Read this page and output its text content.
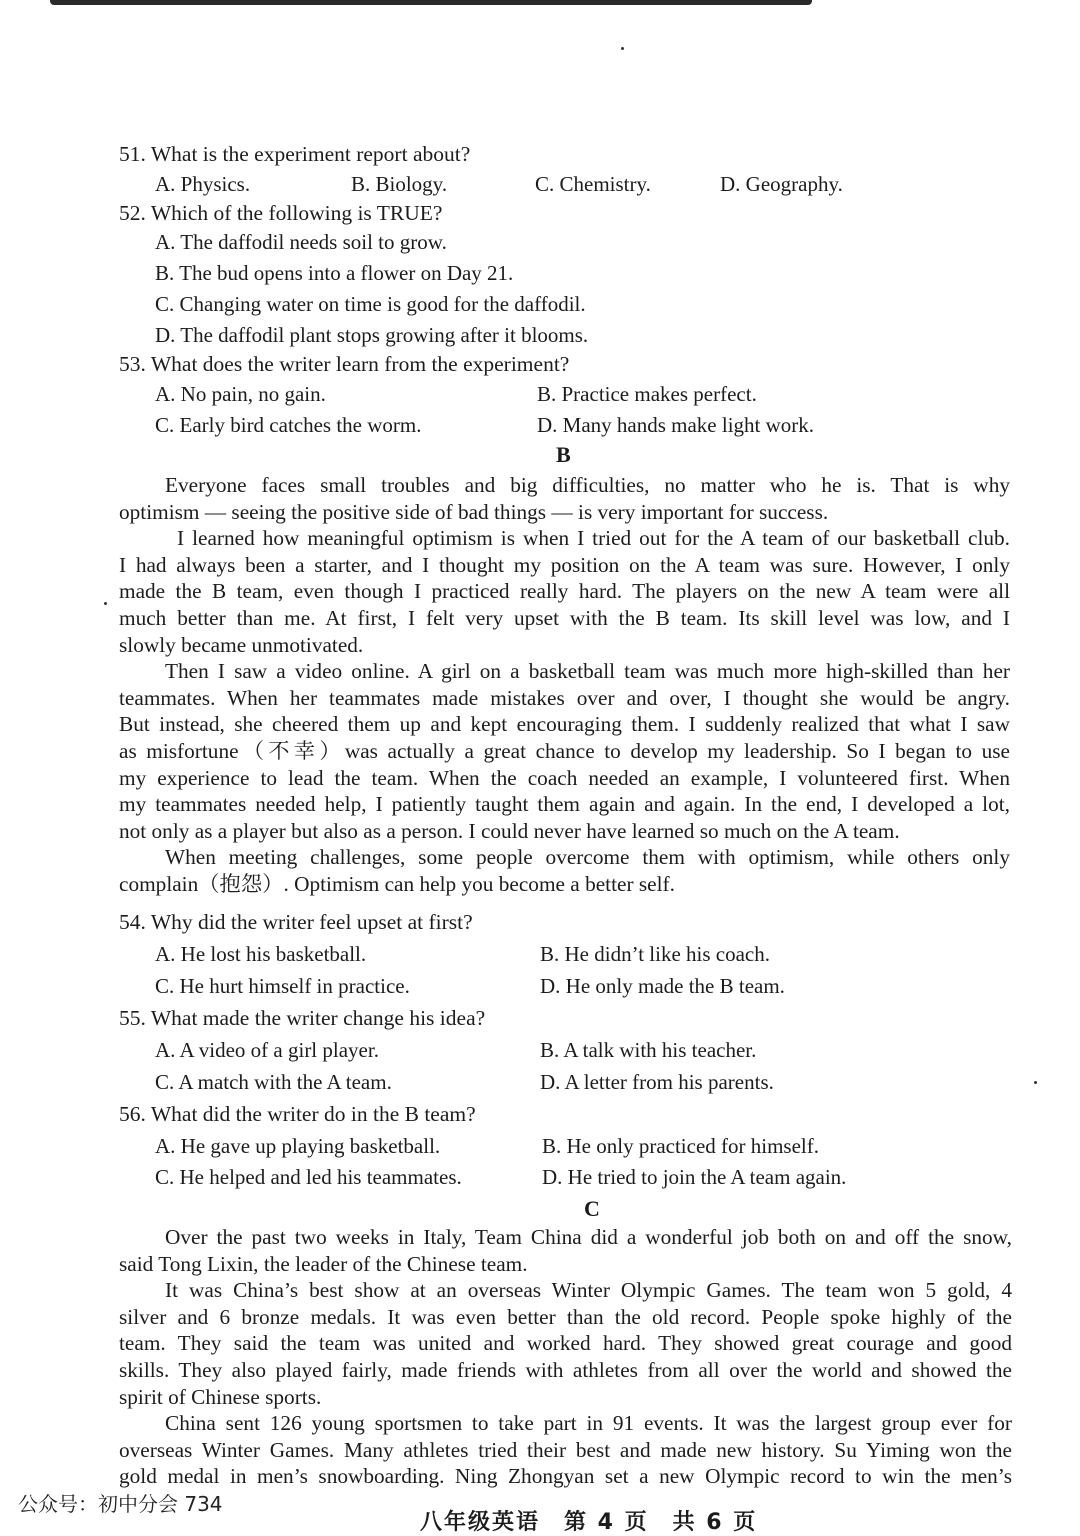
51. What is the experiment report about?
A. Physics.	B. Biology.	C. Chemistry.	D. Geography.
52. Which of the following is TRUE?
A. The daffodil needs soil to grow.
B. The bud opens into a flower on Day 21.
C. Changing water on time is good for the daffodil.
D. The daffodil plant stops growing after it blooms.
53. What does the writer learn from the experiment?
A. No pain, no gain.	B. Practice makes perfect.
C. Early bird catches the worm.	D. Many hands make light work.
B
Everyone faces small troubles and big difficulties, no matter who he is. That is why
optimism — seeing the positive side of bad things — is very important for success.
I learned how meaningful optimism is when I tried out for the A team of our basketball club.
I had always been a starter, and I thought my position on the A team was sure. However, I only
made the B team, even though I practiced really hard. The players on the new A team were all
much better than me. At first, I felt very upset with the B team. Its skill level was low, and I
slowly became unmotivated.
Then I saw a video online. A girl on a basketball team was much more high-skilled than her
teammates. When her teammates made mistakes over and over, I thought she would be angry.
But instead, she cheered them up and kept encouraging them. I suddenly realized that what I saw
as misfortune（不幸）was actually a great chance to develop my leadership. So I began to use
my experience to lead the team. When the coach needed an example, I volunteered first. When
my teammates needed help, I patiently taught them again and again. In the end, I developed a lot,
not only as a player but also as a person. I could never have learned so much on the A team.
When meeting challenges, some people overcome them with optimism, while others only
complain（抱怨）. Optimism can help you become a better self.
54. Why did the writer feel upset at first?
A. He lost his basketball.	B. He didn’t like his coach.
C. He hurt himself in practice.	D. He only made the B team.
55. What made the writer change his idea?
A. A video of a girl player.	B. A talk with his teacher.
C. A match with the A team.	D. A letter from his parents.
56. What did the writer do in the B team?
A. He gave up playing basketball.	B. He only practiced for himself.
C. He helped and led his teammates.	D. He tried to join the A team again.
C
Over the past two weeks in Italy, Team China did a wonderful job both on and off the snow,
said Tong Lixin, the leader of the Chinese team.
It was China’s best show at an overseas Winter Olympic Games. The team won 5 gold, 4
silver and 6 bronze medals. It was even better than the old record. People spoke highly of the
team. They said the team was united and worked hard. They showed great courage and good
skills. They also played fairly, made friends with athletes from all over the world and showed the
spirit of Chinese sports.
China sent 126 young sportsmen to take part in 91 events. It was the largest group ever for
overseas Winter Games. Many athletes tried their best and made new history. Su Yiming won the
gold medal in men’s snowboarding. Ning Zhongyan set a new Olympic record to win the men’s
公众号：初中分会 734
八年级英语　第 4 页　共 6 页
